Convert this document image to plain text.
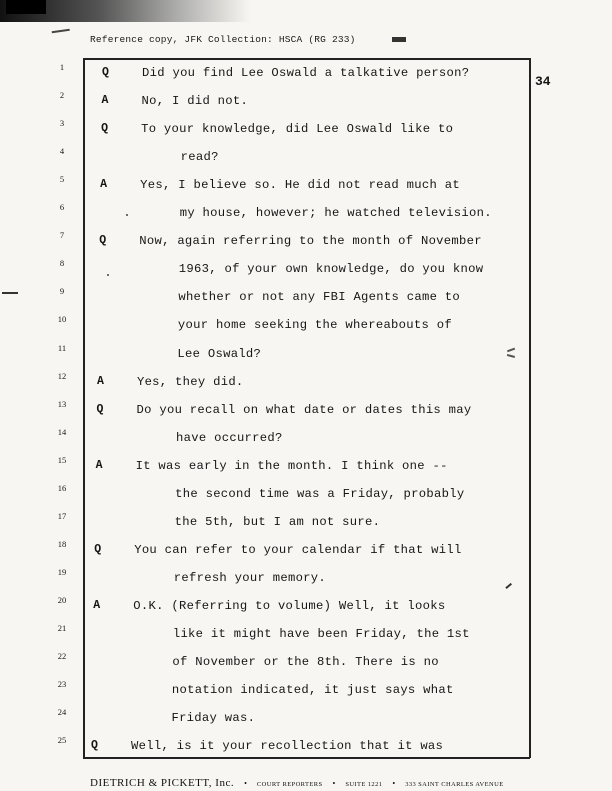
Reference copy, JFK Collection: HSCA (RG 233)
34
1	Q	Did you find Lee Oswald a talkative person?
2	A	No, I did not.
3	Q	To your knowledge, did Lee Oswald like to
4	read?
5	A	Yes, I believe so. He did not read much at
6	my house, however; he watched television.
7	Q	Now, again referring to the month of November
8	1963, of your own knowledge, do you know
9	whether or not any FBI Agents came to
10	your home seeking the whereabouts of
11	Lee Oswald?
12	A	Yes, they did.
13	Q	Do you recall on what date or dates this may
14	have occurred?
15	A	It was early in the month. I think one --
16	the second time was a Friday, probably
17	the 5th, but I am not sure.
18	Q	You can refer to your calendar if that will
19	refresh your memory.
20	A	O.K. (Referring to volume) Well, it looks
21	like it might have been Friday, the 1st
22	of November or the 8th. There is no
23	notation indicated, it just says what
24	Friday was.
25	Q	Well, is it your recollection that it was
DIETRICH & PICKETT, Inc. • COURT REPORTERS • SUITE 1221 • 333 SAINT CHARLES AVENUE
